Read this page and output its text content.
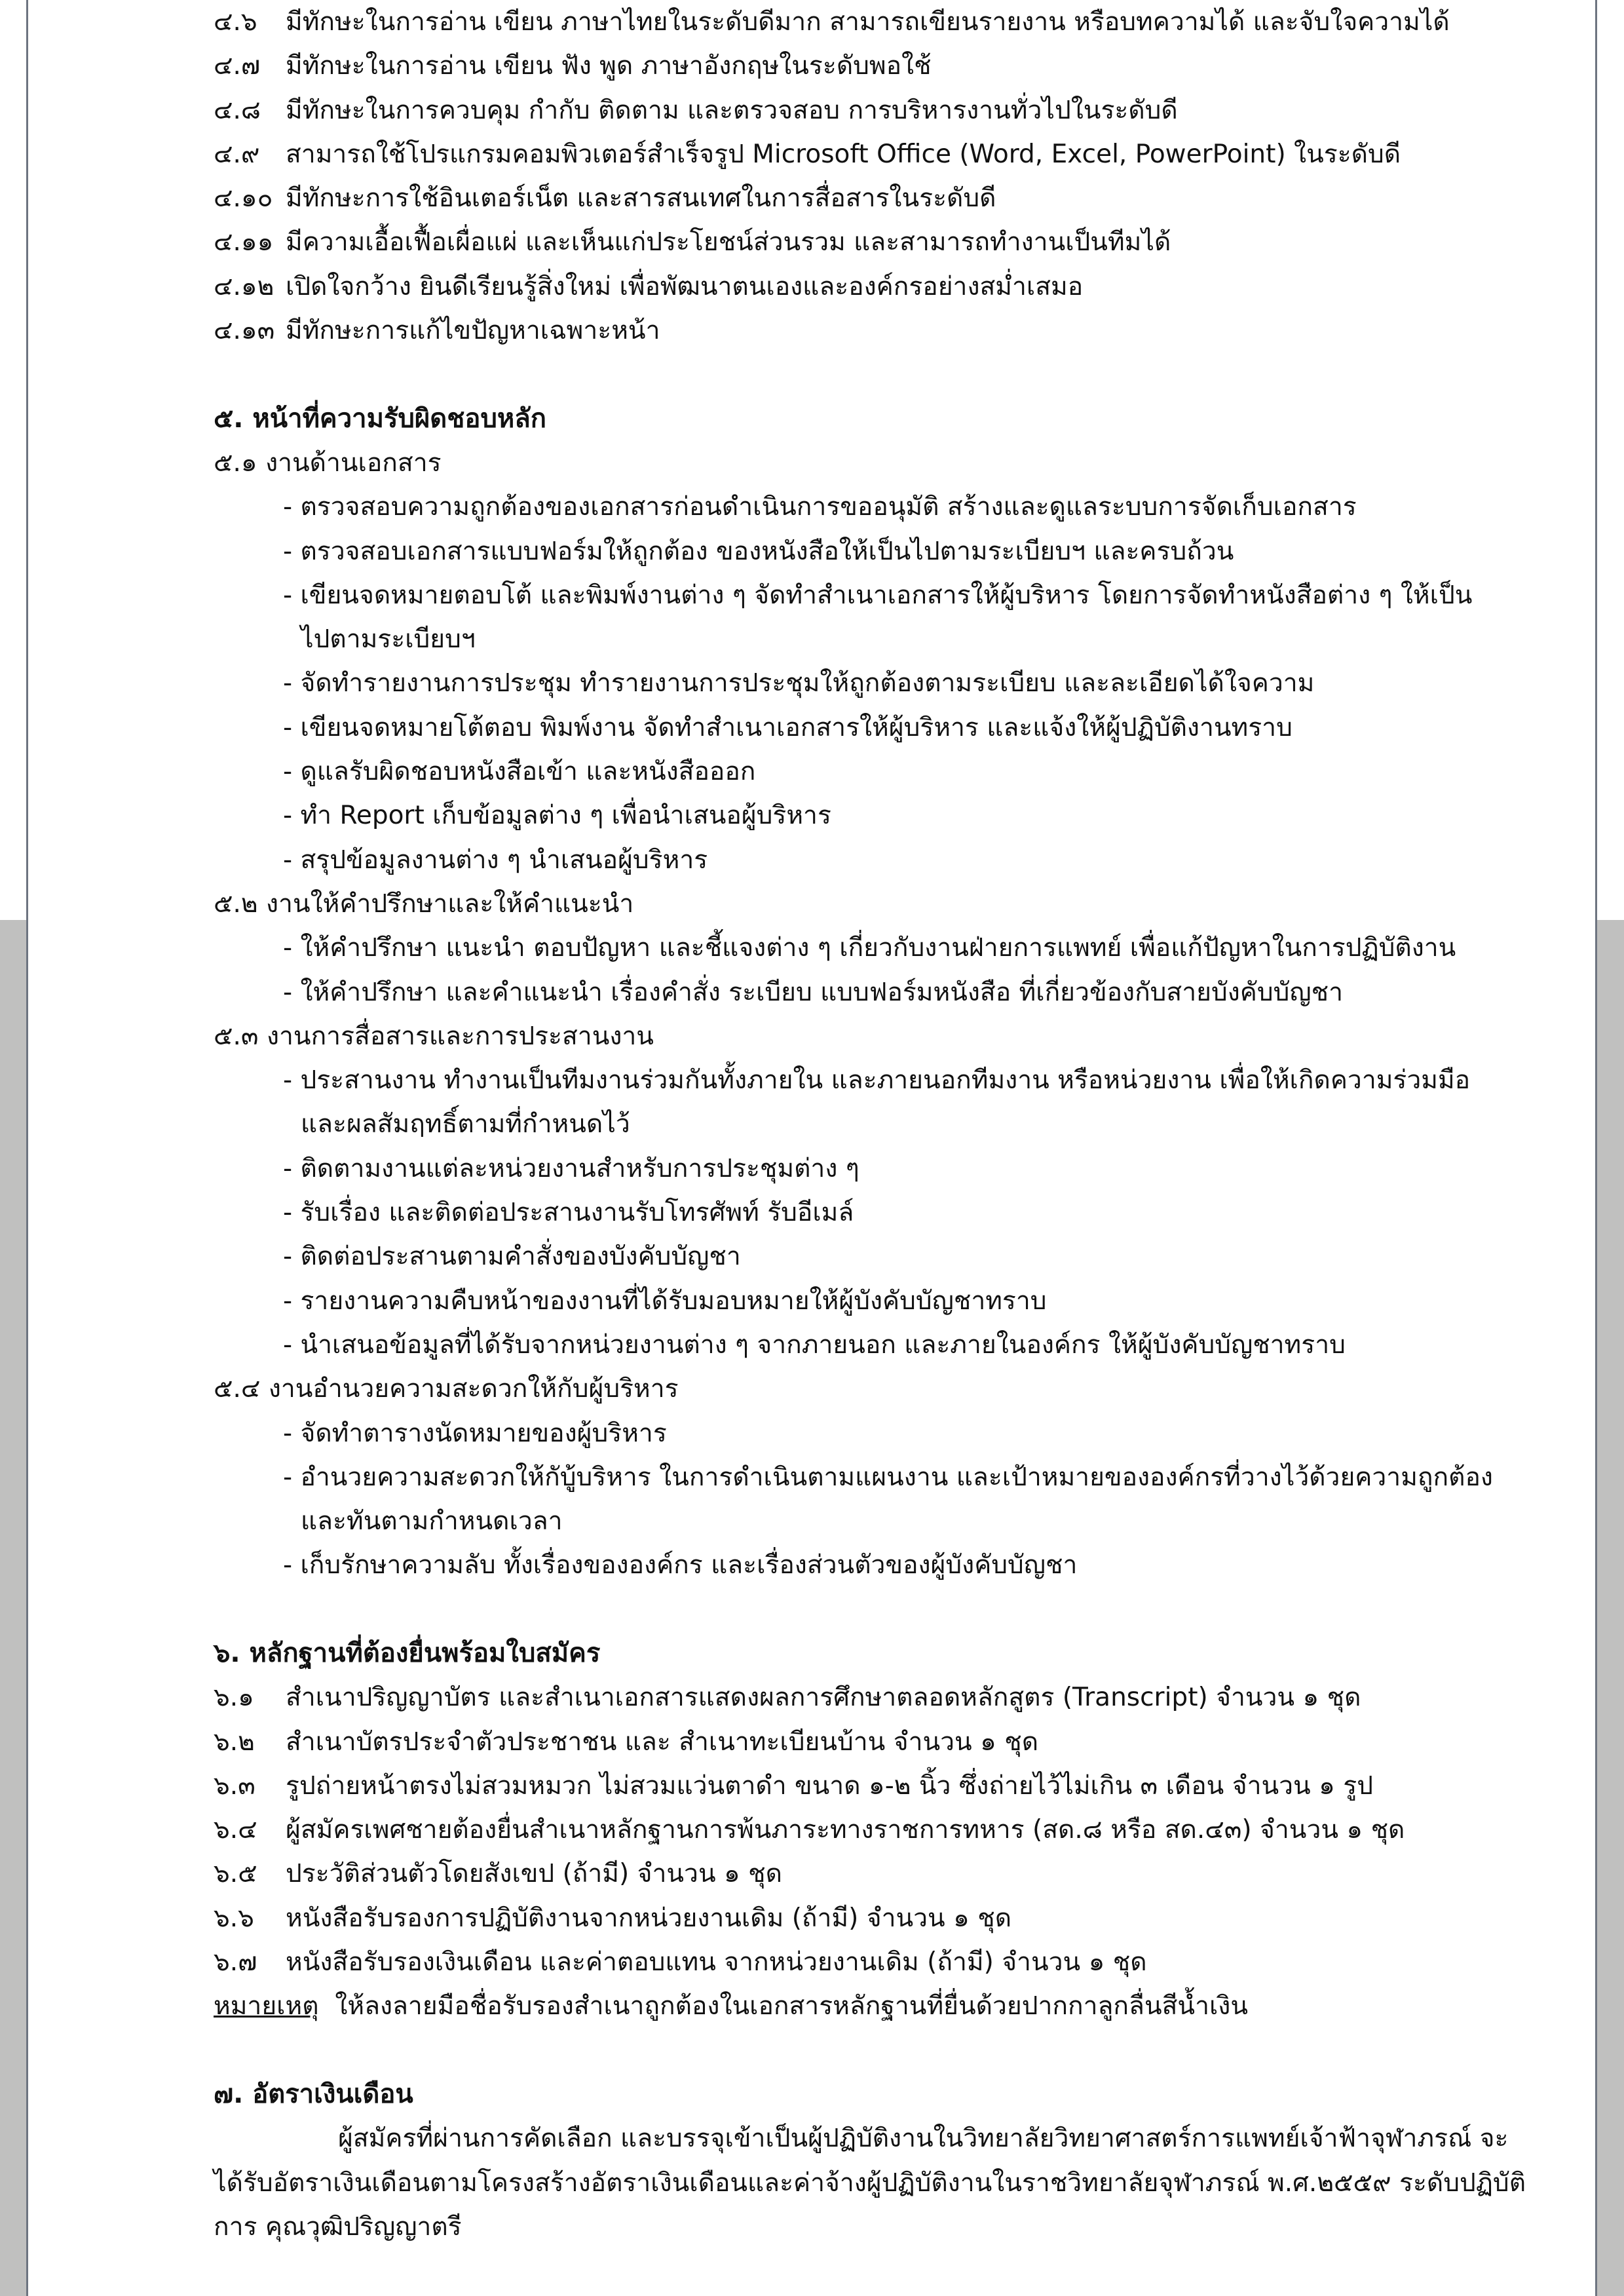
๔.๖ มีทักษะในการอ่าน เขียน ภาษาไทยในระดับดีมาก สามารถเขียนรายงาน หรือบทความได้ และจับใจความได้
๔.๗ มีทักษะในการอ่าน เขียน ฟัง พูด ภาษาอังกฤษในระดับพอใช้
๔.๘ มีทักษะในการควบคุม กำกับ ติดตาม และตรวจสอบ การบริหารงานทั่วไปในระดับดี
๔.๙ สามารถใช้โปรแกรมคอมพิวเตอร์สำเร็จรูป Microsoft Office (Word, Excel, PowerPoint) ในระดับดี
๔.๑๐ มีทักษะการใช้อินเตอร์เน็ต และสารสนเทศในการสื่อสารในระดับดี
๔.๑๑ มีความเอื้อเฟื้อเผื่อแผ่ และเห็นแก่ประโยชน์ส่วนรวม และสามารถทำงานเป็นทีมได้
๔.๑๒ เปิดใจกว้าง ยินดีเรียนรู้สิ่งใหม่ เพื่อพัฒนาตนเองและองค์กรอย่างสม่ำเสมอ
๔.๑๓ มีทักษะการแก้ไขปัญหาเฉพาะหน้า
๕. หน้าที่ความรับผิดชอบหลัก
๕.๑ งานด้านเอกสาร
- ตรวจสอบความถูกต้องของเอกสารก่อนดำเนินการขออนุมัติ สร้างและดูแลระบบการจัดเก็บเอกสาร
- ตรวจสอบเอกสารแบบฟอร์มให้ถูกต้อง ของหนังสือให้เป็นไปตามระเบียบฯ และครบถ้วน
- เขียนจดหมายตอบโต้ และพิมพ์งานต่าง ๆ จัดทำสำเนาเอกสารให้ผู้บริหาร โดยการจัดทำหนังสือต่าง ๆ ให้เป็น
ไปตามระเบียบฯ
- จัดทำรายงานการประชุม ทำรายงานการประชุมให้ถูกต้องตามระเบียบ และละเอียดได้ใจความ
- เขียนจดหมายโต้ตอบ พิมพ์งาน จัดทำสำเนาเอกสารให้ผู้บริหาร และแจ้งให้ผู้ปฏิบัติงานทราบ
- ดูแลรับผิดชอบหนังสือเข้า และหนังสือออก
- ทำ Report เก็บข้อมูลต่าง ๆ เพื่อนำเสนอผู้บริหาร
- สรุปข้อมูลงานต่าง ๆ นำเสนอผู้บริหาร
๕.๒ งานให้คำปรึกษาและให้คำแนะนำ
- ให้คำปรึกษา แนะนำ ตอบปัญหา และชี้แจงต่าง ๆ เกี่ยวกับงานฝ่ายการแพทย์ เพื่อแก้ปัญหาในการปฏิบัติงาน
- ให้คำปรึกษา และคำแนะนำ เรื่องคำสั่ง ระเบียบ แบบฟอร์มหนังสือ ที่เกี่ยวข้องกับสายบังคับบัญชา
๕.๓ งานการสื่อสารและการประสานงาน
- ประสานงาน ทำงานเป็นทีมงานร่วมกันทั้งภายใน และภายนอกทีมงาน หรือหน่วยงาน เพื่อให้เกิดความร่วมมือ
และผลสัมฤทธิ์ตามที่กำหนดไว้
- ติดตามงานแต่ละหน่วยงานสำหรับการประชุมต่าง ๆ
- รับเรื่อง และติดต่อประสานงานรับโทรศัพท์ รับอีเมล์
- ติดต่อประสานตามคำสั่งของบังคับบัญชา
- รายงานความคืบหน้าของงานที่ได้รับมอบหมายให้ผู้บังคับบัญชาทราบ
- นำเสนอข้อมูลที่ได้รับจากหน่วยงานต่าง ๆ จากภายนอก และภายในองค์กร ให้ผู้บังคับบัญชาทราบ
๕.๔ งานอำนวยความสะดวกให้กับผู้บริหาร
- จัดทำตารางนัดหมายของผู้บริหาร
- อำนวยความสะดวกให้กับู้บริหาร ในการดำเนินตามแผนงาน และเป้าหมายขององค์กรที่วางไว้ด้วยความถูกต้อง
และทันตามกำหนดเวลา
- เก็บรักษาความลับ ทั้งเรื่องขององค์กร และเรื่องส่วนตัวของผู้บังคับบัญชา
๖. หลักฐานที่ต้องยื่นพร้อมใบสมัคร
๖.๑ สำเนาปริญญาบัตร และสำเนาเอกสารแสดงผลการศึกษาตลอดหลักสูตร (Transcript) จำนวน ๑ ชุด
๖.๒ สำเนาบัตรประจำตัวประชาชน และ สำเนาทะเบียนบ้าน จำนวน ๑ ชุด
๖.๓ รูปถ่ายหน้าตรงไม่สวมหมวก ไม่สวมแว่นตาดำ ขนาด ๑-๒ นิ้ว ซึ่งถ่ายไว้ไม่เกิน ๓ เดือน จำนวน ๑ รูป
๖.๔ ผู้สมัครเพศชายต้องยื่นสำเนาหลักฐานการพ้นภาระทางราชการทหาร (สด.๘ หรือ สด.๔๓) จำนวน ๑ ชุด
๖.๕ ประวัติส่วนตัวโดยสังเขป (ถ้ามี) จำนวน ๑ ชุด
๖.๖ หนังสือรับรองการปฏิบัติงานจากหน่วยงานเดิม (ถ้ามี) จำนวน ๑ ชุด
๖.๗ หนังสือรับรองเงินเดือน และค่าตอบแทน จากหน่วยงานเดิม (ถ้ามี) จำนวน ๑ ชุด
หมายเหตุ ให้ลงลายมือชื่อรับรองสำเนาถูกต้องในเอกสารหลักฐานที่ยื่นด้วยปากกาลูกลื่นสีน้ำเงิน
๗. อัตราเงินเดือน
ผู้สมัครที่ผ่านการคัดเลือก และบรรจุเข้าเป็นผู้ปฏิบัติงานในวิทยาลัยวิทยาศาสตร์การแพทย์เจ้าฟ้าจุฬาภรณ์ จะ
ได้รับอัตราเงินเดือนตามโครงสร้างอัตราเงินเดือนและค่าจ้างผู้ปฏิบัติงานในราชวิทยาลัยจุฬาภรณ์ พ.ศ.๒๕๕๙ ระดับปฏิบัติ
การ คุณวุฒิปริญญาตรี
